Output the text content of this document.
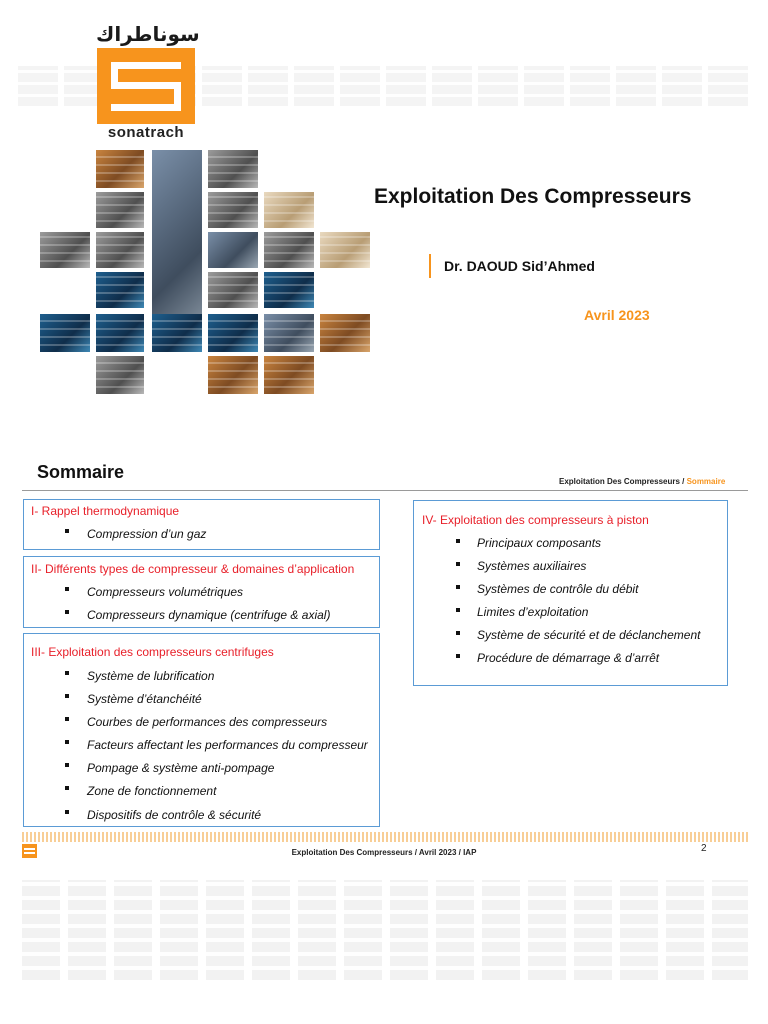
سوناطراك
sonatrach
Exploitation Des Compresseurs
Dr. DAOUD Sid’Ahmed
Avril 2023
Sommaire	Exploitation Des Compresseurs / Sommaire
I- Rappel thermodynamique
Compression d’un gaz
II- Différents types de compresseur & domaines d’application
Compresseurs volumétriques
Compresseurs dynamique (centrifuge & axial)
III- Exploitation des compresseurs centrifuges
Système de lubrification
Système d’étanchéité
Courbes de performances des compresseurs
Facteurs affectant les performances du compresseur
Pompage & système anti-pompage
Zone de fonctionnement
Dispositifs de contrôle & sécurité
IV- Exploitation des compresseurs à piston
Principaux composants
Systèmes auxiliaires
Systèmes de contrôle du débit
Limites d’exploitation
Système de sécurité et de déclanchement
Procédure de démarrage & d’arrêt
Exploitation Des Compresseurs / Avril 2023 / IAP	2
